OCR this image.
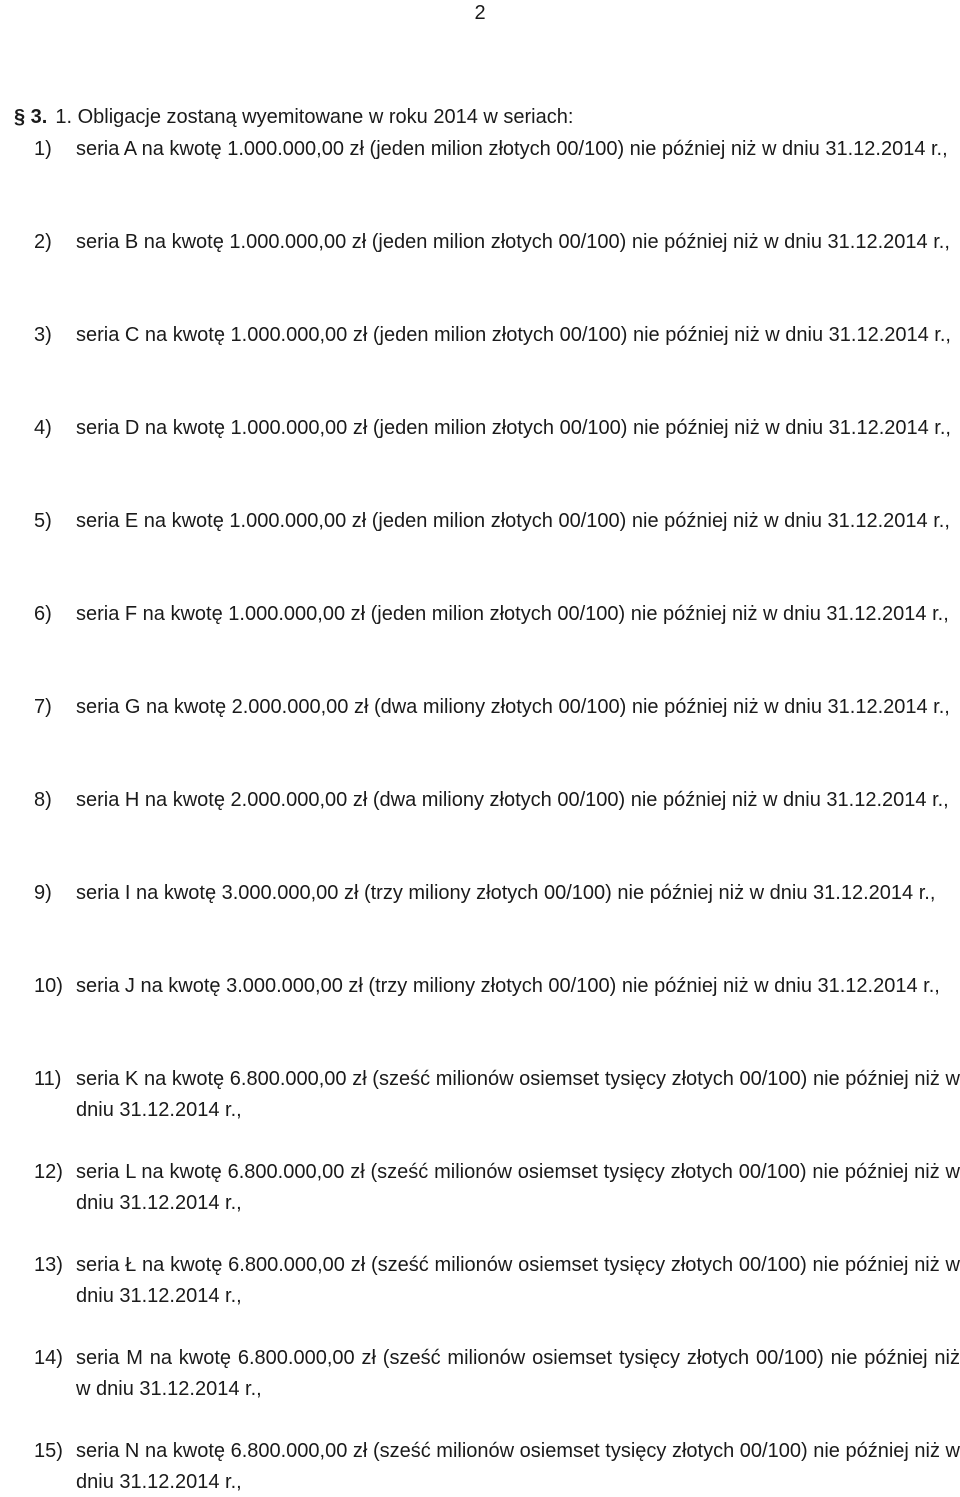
2
§ 3. 1. Obligacje zostaną wyemitowane w roku 2014 w seriach:
1) seria A na kwotę 1.000.000,00 zł (jeden milion złotych 00/100) nie później niż w dniu 31.12.2014 r.,
2) seria B na kwotę 1.000.000,00 zł (jeden milion złotych 00/100) nie później niż w dniu 31.12.2014 r.,
3) seria C na kwotę 1.000.000,00 zł (jeden milion złotych 00/100) nie później niż w dniu 31.12.2014 r.,
4) seria D na kwotę 1.000.000,00 zł (jeden milion złotych 00/100) nie później niż w dniu 31.12.2014 r.,
5) seria E na kwotę 1.000.000,00 zł (jeden milion złotych 00/100) nie później niż w dniu 31.12.2014 r.,
6) seria F na kwotę 1.000.000,00 zł (jeden milion złotych 00/100) nie później niż w dniu 31.12.2014 r.,
7) seria G na kwotę 2.000.000,00 zł (dwa miliony złotych 00/100) nie później niż w dniu 31.12.2014 r.,
8) seria H na kwotę 2.000.000,00 zł (dwa miliony złotych 00/100) nie później niż w dniu 31.12.2014 r.,
9) seria I na kwotę 3.000.000,00 zł (trzy miliony złotych 00/100) nie później niż w dniu 31.12.2014 r.,
10) seria J na kwotę 3.000.000,00 zł (trzy miliony złotych 00/100) nie później niż w dniu 31.12.2014 r.,
11) seria K na kwotę 6.800.000,00 zł (sześć milionów osiemset tysięcy złotych 00/100) nie później niż w dniu 31.12.2014 r.,
12) seria L na kwotę 6.800.000,00 zł (sześć milionów osiemset tysięcy złotych 00/100) nie później niż w dniu 31.12.2014 r.,
13) seria Ł na kwotę 6.800.000,00 zł (sześć milionów osiemset tysięcy złotych 00/100) nie później niż w dniu 31.12.2014 r.,
14) seria M na kwotę 6.800.000,00 zł (sześć milionów osiemset tysięcy złotych 00/100) nie później niż w dniu 31.12.2014 r.,
15) seria N na kwotę 6.800.000,00 zł (sześć milionów osiemset tysięcy złotych 00/100) nie później niż w dniu 31.12.2014 r.,
